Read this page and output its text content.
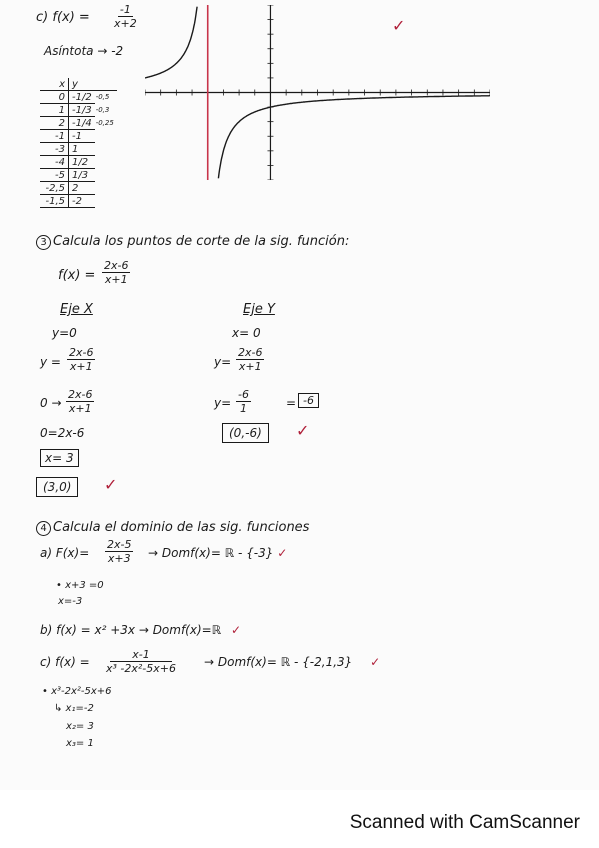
c) $f(x) = \frac{-1}{x+2}$	✓
Asíntota → -2
x	y	
0	-1/2	-0,5
1	-1/3	-0,3
2	-1/4	-0,25
-1	-1	
-3	1	
-4	1/2	
-5	1/3	
-2,5	2	
-1,5	-2	
3 Calcula los puntos de corte de la sig. función:
$f(x) = \frac{2x-6}{x+1}$
Eje X
y=0
$y = \frac{2x-6}{x+1}$
$0 \to \frac{2x-6}{x+1}$
0=2x-6
x= 3
(3,0)	✓
Eje Y
x= 0
$y= \frac{2x-6}{x+1}$
$y= \frac{-6}{1}$	= -6
(0,-6)	✓
4 Calcula el dominio de las sig. funciones
a) $F(x)= \frac{2x-5}{x+3}$ → Domf(x)= ℝ - {-3} ✓
• x+3 =0
x=-3
b) f(x) = x² +3x → Domf(x)=ℝ ✓
c) $f(x) = \frac{x-1}{\text{x³ -2x²-5x+6}}$ → Domf(x)= ℝ - {-2,1,3} ✓
• x³-2x²-5x+6
↳ x₁=-2
x₂= 3
x₃= 1
Scanned with CamScanner
